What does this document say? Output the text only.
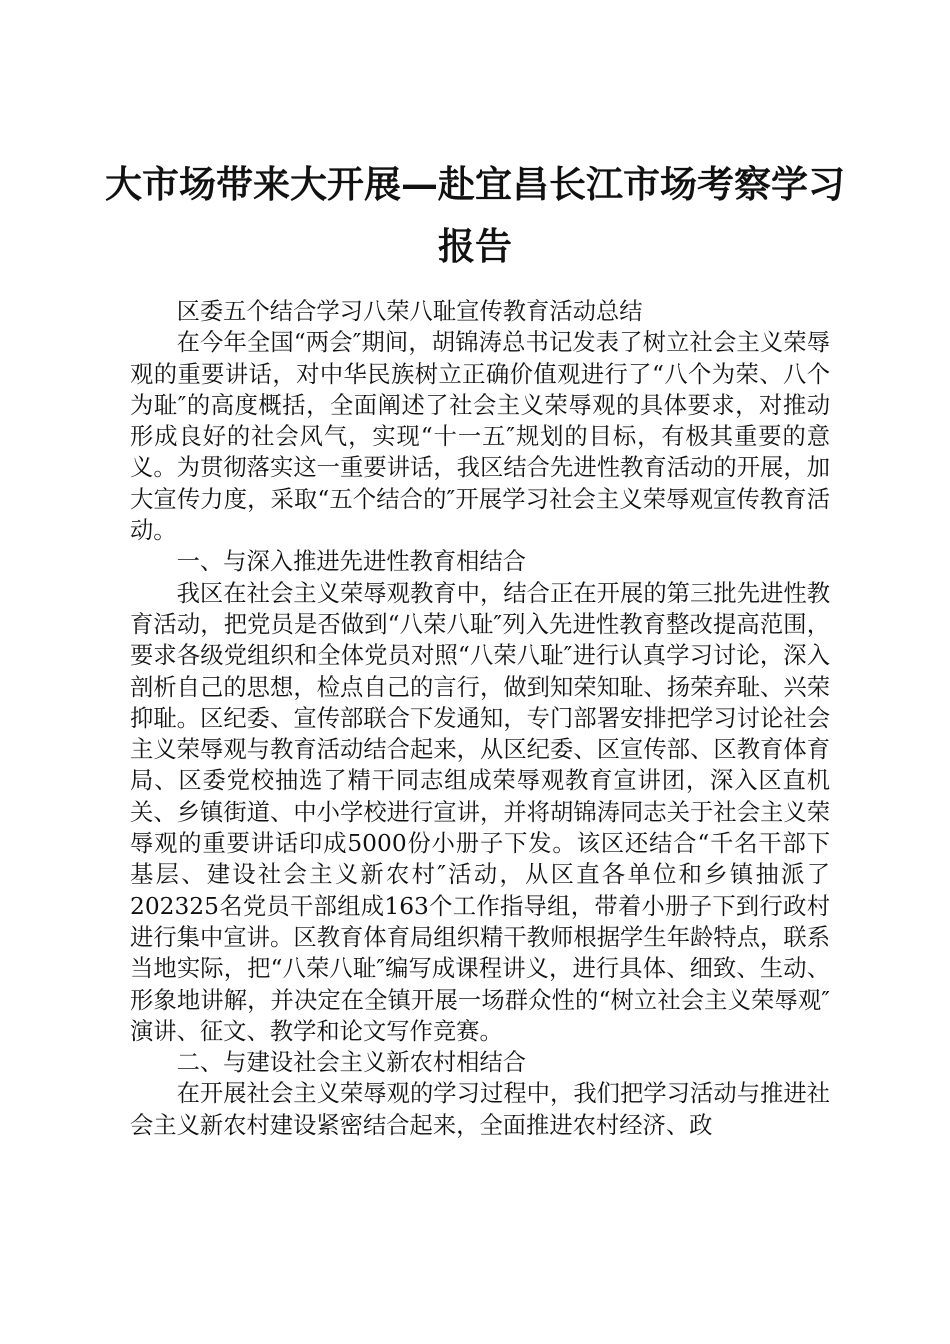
大市场带来大开展—赴宜昌长江市场考察学习报告

区委五个结合学习八荣八耻宣传教育活动总结

在今年全国“两会″期间，胡锦涛总书记发表了树立社会主义荣辱观的重要讲话，对中华民族树立正确价值观进行了“八个为荣、八个为耻″的高度概括，全面阐述了社会主义荣辱观的具体要求，对推动形成良好的社会风气，实现“十一五″规划的目标，有极其重要的意义。为贯彻落实这一重要讲话，我区结合先进性教育活动的开展，加大宣传力度，采取“五个结合的″开展学习社会主义荣辱观宣传教育活动。

一、与深入推进先进性教育相结合

我区在社会主义荣辱观教育中，结合正在开展的第三批先进性教育活动，把党员是否做到“八荣八耻″列入先进性教育整改提高范围，要求各级党组织和全体党员对照“八荣八耻″进行认真学习讨论，深入剖析自己的思想，检点自己的言行，做到知荣知耻、扬荣弃耻、兴荣抑耻。区纪委、宣传部联合下发通知，专门部署安排把学习讨论社会主义荣辱观与教育活动结合起来，从区纪委、区宣传部、区教育体育局、区委党校抽选了精干同志组成荣辱观教育宣讲团，深入区直机关、乡镇街道、中小学校进行宣讲，并将胡锦涛同志关于社会主义荣辱观的重要讲话印成5000份小册子下发。该区还结合“千名干部下基层、建设社会主义新农村″活动，从区直各单位和乡镇抽派了202325名党员干部组成163个工作指导组，带着小册子下到行政村进行集中宣讲。区教育体育局组织精干教师根据学生年龄特点，联系当地实际，把“八荣八耻″编写成课程讲义，进行具体、细致、生动、形象地讲解，并决定在全镇开展一场群众性的“树立社会主义荣辱观″演讲、征文、教学和论文写作竞赛。

二、与建设社会主义新农村相结合

在开展社会主义荣辱观的学习过程中，我们把学习活动与推进社会主义新农村建设紧密结合起来，全面推进农村经济、政
